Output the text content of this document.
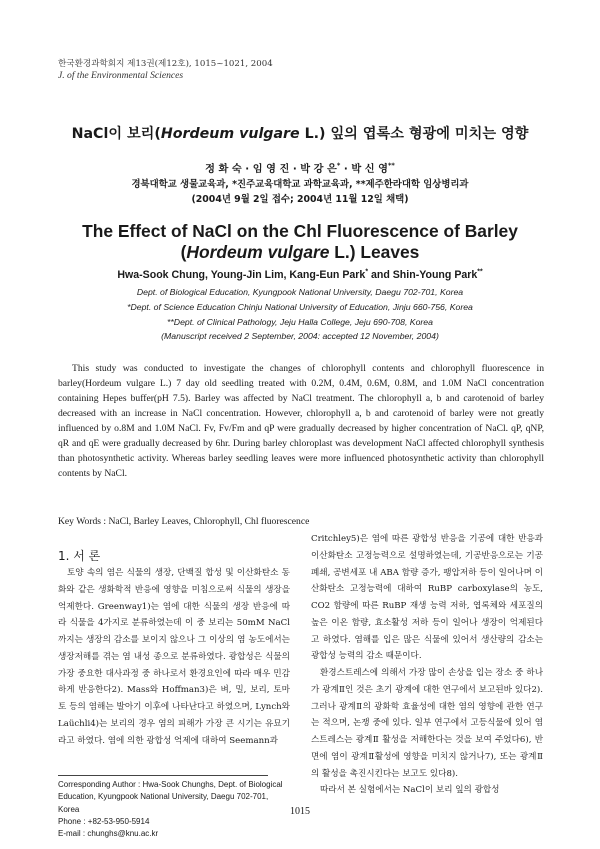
한국환경과학회지 제13권(제12호), 1015~1021, 2004
J. of the Environmental Sciences
NaCl이 보리(Hordeum vulgare L.) 잎의 엽록소 형광에 미치는 영향
정 화 숙 · 임 영 진 · 박 강 은* · 박 신 영**
경북대학교 생물교육과, *진주교육대학교 과학교육과, **제주한라대학 임상병리과
(2004년 9월 2일 접수; 2004년 11월 12일 채택)
The Effect of NaCl on the Chl Fluorescence of Barley
(Hordeum vulgare L.) Leaves
Hwa-Sook Chung, Young-Jin Lim, Kang-Eun Park* and Shin-Young Park**
Dept. of Biological Education, Kyungpook National University, Daegu 702-701, Korea
*Dept. of Science Education Chinju National University of Education, Jinju 660-756, Korea
**Dept. of Clinical Pathology, Jeju Halla College, Jeju 690-708, Korea
(Manuscript received 2 September, 2004: accepted 12 November, 2004)
This study was conducted to investigate the changes of chlorophyll contents and chlorophyll fluorescence in barley(Hordeum vulgare L.) 7 day old seedling treated with 0.2M, 0.4M, 0.6M, 0.8M, and 1.0M NaCl concentration containing Hepes buffer(pH 7.5). Barley was affected by NaCl treatment. The chlorophyll a, b and carotenoid of barley decreased with an increase in NaCl concentration. However, chlorophyll a, b and carotenoid of barley were not greatly influenced by o.8M and 1.0M NaCl. Fv, Fv/Fm and qP were gradually decreased by higher concentration of NaCl. qP, qNP, qR and qE were gradually decreased by 6hr. During barley chloroplast was development NaCl affected chlorophyll synthesis than photosynthetic activity. Whereas barley seedling leaves were more influenced photosynthetic activity than chlorophyll contents by NaCl.
Key Words : NaCl, Barley Leaves, Chlorophyll, Chl fluorescence
1. 서 론
토양 속의 염은 식물의 생장, 단백질 합성 및 이산화탄소 동화와 같은 생화학적 반응에 영향을 미침으로써 식물의 생장을 억제한다. Greenway1)는 염에 대한 식물의 생장 반응에 따라 식물을 4가지로 분류하였는데 이 중 보리는 50mM NaCl까지는 생장의 감소를 보이지 않으나 그 이상의 염 농도에서는 생장저해를 겪는 염 내성 종으로 분류하였다. 광합성은 식물의 가장 중요한 대사과정 중 하나로서 환경요인에 따라 매우 민감하게 반응한다2). Mass와 Hoffman3)은 벼, 밀, 보리, 토마토 등의 염해는 발아기 이후에 나타난다고 하였으며, Lynch와 Laüchli4)는 보리의 경우 염의 피해가 가장 큰 시기는 유묘기라고 하였다. 염에 의한 광합성 억제에 대하여 Seemann과
Critchley5)은 염에 따른 광합성 반응을 기공에 대한 반응과 이산화탄소 고정능력으로 설명하였는데, 기공반응으로는 기공 폐쇄, 공변세포 내 ABA 함량 증가, 팽압저하 등이 일어나며 이산화탄소 고정능력에 대하여 RuBP carboxylase의 농도, CO2 함량에 따른 RuBP 재생 능력 저하, 엽록체와 세포질의 높은 이온 함량, 효소활성 저하 등이 일어나 생장이 억제된다고 하였다. 염해를 입은 많은 식물에 있어서 생산량의 감소는 광합성 능력의 감소 때문이다.
환경스트레스에 의해서 가장 많이 손상을 입는 장소 중 하나가 광계Ⅱ인 것은 초기 광계에 대한 연구에서 보고된바 있다2). 그러나 광계Ⅱ의 광화학 효율성에 대한 염의 영향에 관한 연구는 적으며, 논쟁 중에 있다. 일부 연구에서 고등식물에 있어 염 스트레스는 광계Ⅱ 활성을 저해한다는 것을 보여 주었다6), 반면에 염이 광계Ⅱ활성에 영향을 미치지 않거나7), 또는 광계Ⅱ의 활성을 촉진시킨다는 보고도 있다8).
따라서 본 실험에서는 NaCl이 보리 잎의 광합성
Corresponding Author : Hwa-Sook Chunghs, Dept. of Biological
Education, Kyungpook National University, Daegu 702-701,
Korea
Phone : +82-53-950-5914
E-mail : chunghs@knu.ac.kr
1015
